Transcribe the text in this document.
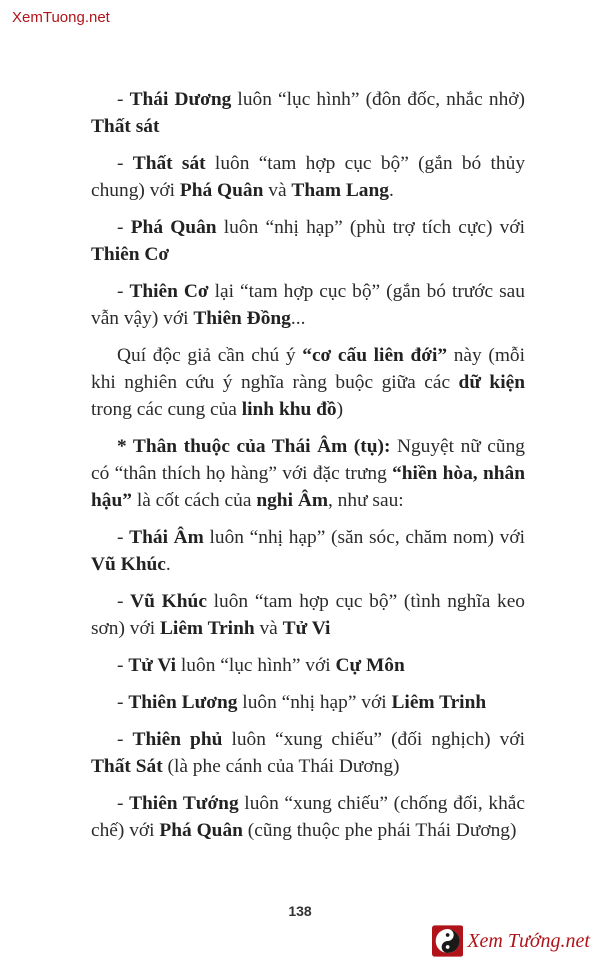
XemTuong.net

- Thái Dương luôn “lục hình” (đôn đốc, nhắc nhở) Thất sát

- Thất sát luôn “tam hợp cục bộ” (gắn bó thủy chung) với Phá Quân và Tham Lang.

- Phá Quân luôn “nhị hạp” (phù trợ tích cực) với Thiên Cơ

- Thiên Cơ lại “tam hợp cục bộ” (gắn bó trước sau vẫn vậy) với Thiên Đồng...

Quí độc giả cần chú ý “cơ cấu liên đới” này (mỗi khi nghiên cứu ý nghĩa ràng buộc giữa các dữ kiện trong các cung của linh khu đồ)

* Thân thuộc của Thái Âm (tụ): Nguyệt nữ cũng có “thân thích họ hàng” với đặc trưng “hiền hòa, nhân hậu” là cốt cách của nghi Âm, như sau:

- Thái Âm luôn “nhị hạp” (săn sóc, chăm nom) với Vũ Khúc.

- Vũ Khúc luôn “tam hợp cục bộ” (tình nghĩa keo sơn) với Liêm Trinh và Tử Vi

- Tử Vi luôn “lục hình” với Cự Môn

- Thiên Lương luôn “nhị hạp” với Liêm Trinh

- Thiên phủ luôn “xung chiếu” (đối nghịch) với Thất Sát (là phe cánh của Thái Dương)

- Thiên Tướng luôn “xung chiếu” (chống đối, khắc chế) với Phá Quân (cũng thuộc phe phái Thái Dương)

138
Xem Tướng.net
